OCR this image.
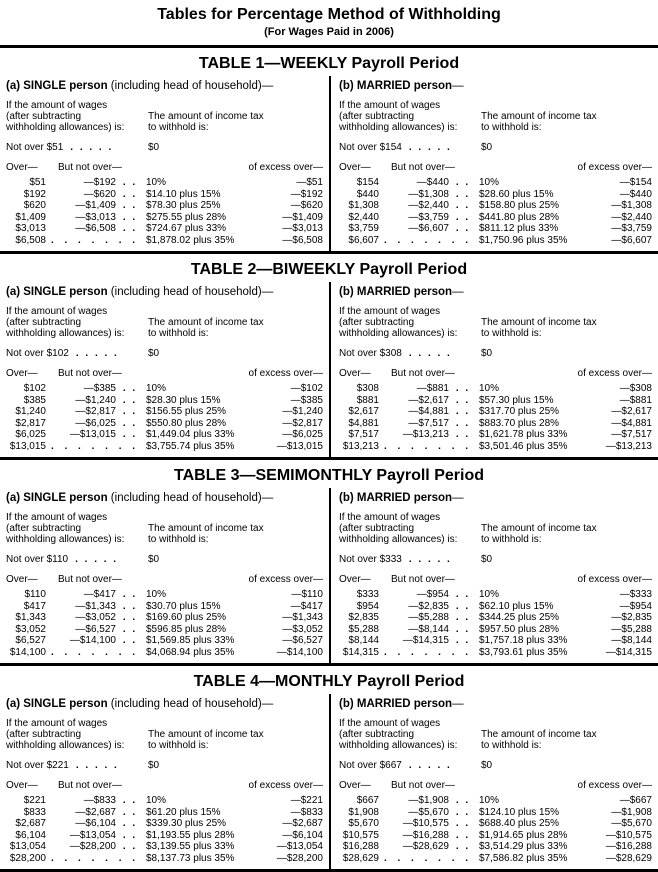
Tables for Percentage Method of Withholding
(For Wages Paid in 2006)
TABLE 1—WEEKLY Payroll Period
(a) SINGLE person (including head of household)—
If the amount of wages
(after subtracting
withholding allowances) is:
The amount of income tax
to withhold is:
Not over $51 . . . . .	$0
Over—	But not over—	of excess over—
$51	—$192 . . 10%	—$51
$192	—$620 . . $14.10 plus 15%	—$192
$620	—$1,409 . . $78.30 plus 25%	—$620
$1,409	—$3,013 . . $275.55 plus 28%	—$1,409
$3,013	—$6,508 . . $724.67 plus 33%	—$3,013
$6,508 . . . . . . . $1,878.02 plus 35%	—$6,508
(b) MARRIED person—
If the amount of wages
(after subtracting
withholding allowances) is:
The amount of income tax
to withhold is:
Not over $154 . . . . .	$0
Over—	But not over—	of excess over—
$154	—$440 . . 10%	—$154
$440	—$1,308 . . $28.60 plus 15%	—$440
$1,308	—$2,440 . . $158.80 plus 25%	—$1,308
$2,440	—$3,759 . . $441.80 plus 28%	—$2,440
$3,759	—$6,607 . . $811.12 plus 33%	—$3,759
$6,607 . . . . . . . $1,750.96 plus 35%	—$6,607
TABLE 2—BIWEEKLY Payroll Period
(a) SINGLE person (including head of household)—
If the amount of wages
(after subtracting
withholding allowances) is:
The amount of income tax
to withhold is:
Not over $102 . . . . .	$0
Over—	But not over—	of excess over—
$102	—$385 . . 10%	—$102
$385	—$1,240 . . $28.30 plus 15%	—$385
$1,240	—$2,817 . . $156.55 plus 25%	—$1,240
$2,817	—$6,025 . . $550.80 plus 28%	—$2,817
$6,025	—$13,015 . . $1,449.04 plus 33%	—$6,025
$13,015 . . . . . . . $3,755.74 plus 35%	—$13,015
(b) MARRIED person—
If the amount of wages
(after subtracting
withholding allowances) is:
The amount of income tax
to withhold is:
Not over $308 . . . . .	$0
Over—	But not over—	of excess over—
$308	—$881 . . 10%	—$308
$881	—$2,617 . . $57.30 plus 15%	—$881
$2,617	—$4,881 . . $317.70 plus 25%	—$2,617
$4,881	—$7,517 . . $883.70 plus 28%	—$4,881
$7,517	—$13,213 . . $1,621.78 plus 33%	—$7,517
$13,213 . . . . . . . $3,501.46 plus 35%	—$13,213
TABLE 3—SEMIMONTHLY Payroll Period
(a) SINGLE person (including head of household)—
If the amount of wages
(after subtracting
withholding allowances) is:
The amount of income tax
to withhold is:
Not over $110 . . . . .	$0
Over—	But not over—	of excess over—
$110	—$417 . . 10%	—$110
$417	—$1,343 . . $30.70 plus 15%	—$417
$1,343	—$3,052 . . $169.60 plus 25%	—$1,343
$3,052	—$6,527 . . $596.85 plus 28%	—$3,052
$6,527	—$14,100 . . $1,569.85 plus 33%	—$6,527
$14,100 . . . . . . . $4,068.94 plus 35%	—$14,100
(b) MARRIED person—
If the amount of wages
(after subtracting
withholding allowances) is:
The amount of income tax
to withhold is:
Not over $333 . . . . .	$0
Over—	But not over—	of excess over—
$333	—$954 . . 10%	—$333
$954	—$2,835 . . $62.10 plus 15%	—$954
$2,835	—$5,288 . . $344.25 plus 25%	—$2,835
$5,288	—$8,144 . . $957.50 plus 28%	—$5,288
$8,144	—$14,315 . . $1,757.18 plus 33%	—$8,144
$14,315 . . . . . . . $3,793.61 plus 35%	—$14,315
TABLE 4—MONTHLY Payroll Period
(a) SINGLE person (including head of household)—
If the amount of wages
(after subtracting
withholding allowances) is:
The amount of income tax
to withhold is:
Not over $221 . . . . .	$0
Over—	But not over—	of excess over—
$221	—$833 . . 10%	—$221
$833	—$2,687 . . $61.20 plus 15%	—$833
$2,687	—$6,104 . . $339.30 plus 25%	—$2,687
$6,104	—$13,054 . . $1,193.55 plus 28%	—$6,104
$13,054	—$28,200 . . $3,139.55 plus 33%	—$13,054
$28,200 . . . . . . . $8,137.73 plus 35%	—$28,200
(b) MARRIED person—
If the amount of wages
(after subtracting
withholding allowances) is:
The amount of income tax
to withhold is:
Not over $667 . . . . .	$0
Over—	But not over—	of excess over—
$667	—$1,908 . . 10%	—$667
$1,908	—$5,670 . . $124.10 plus 15%	—$1,908
$5,670	—$10,575 . . $688.40 plus 25%	—$5,670
$10,575	—$16,288 . . $1,914.65 plus 28%	—$10,575
$16,288	—$28,629 . . $3,514.29 plus 33%	—$16,288
$28,629 . . . . . . . $7,586.82 plus 35%	—$28,629
